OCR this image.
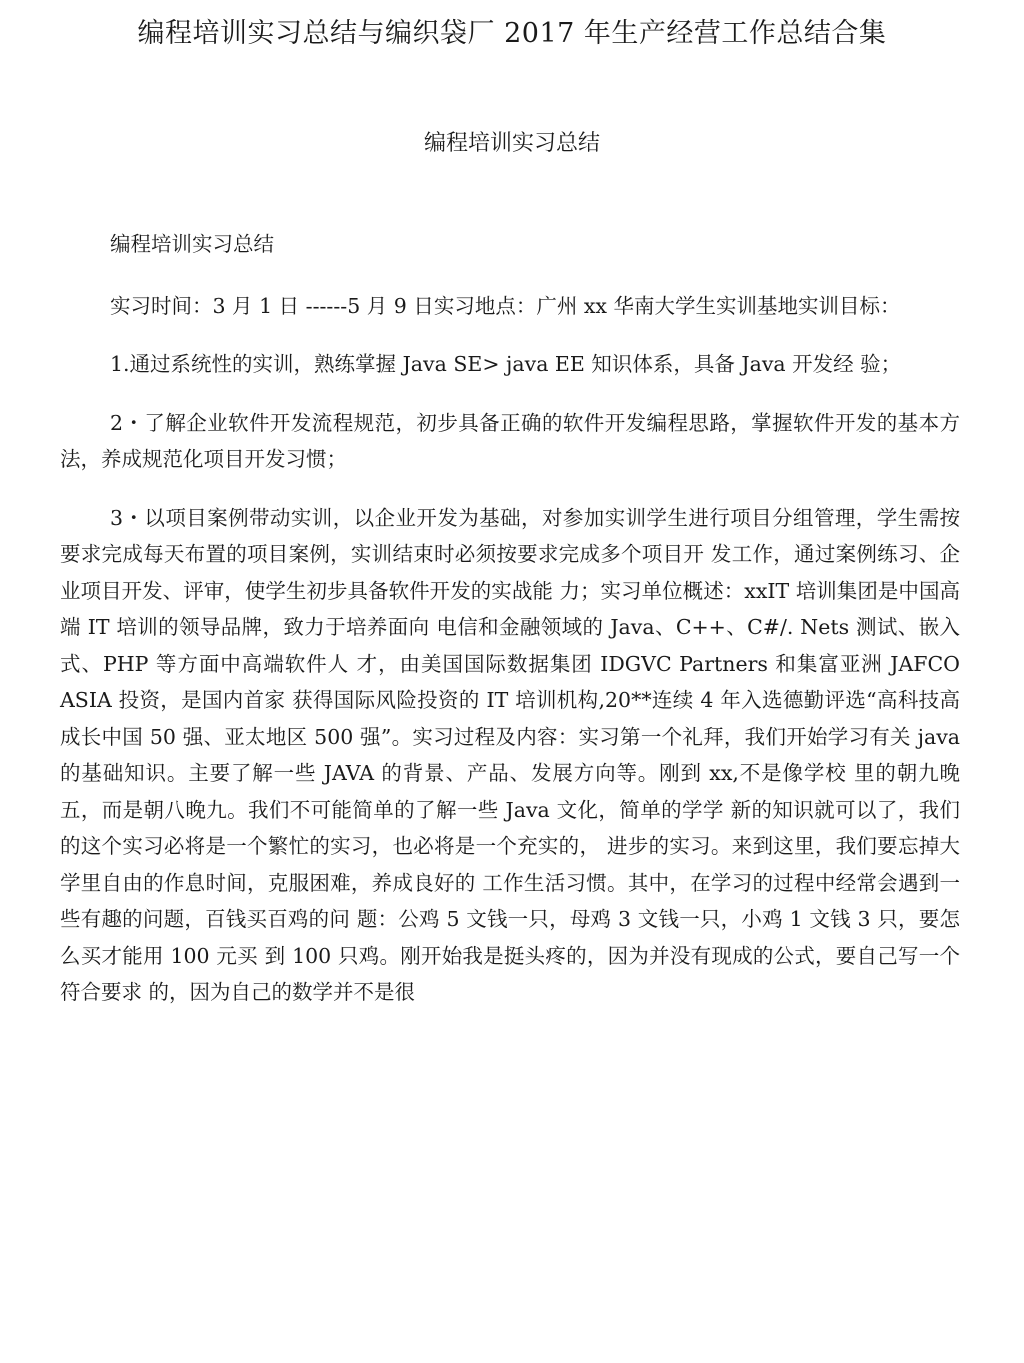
编程培训实习总结与编织袋厂 2017 年生产经营工作总结合集
编程培训实习总结

编程培训实习总结

实习时间：3 月 1 日 ------5 月 9 日实习地点：广州 xx 华南大学生实训基地实训目标：

1.通过系统性的实训，熟练掌握 Java SE> java EE 知识体系，具备 Java 开发经 验；

2・了解企业软件开发流程规范，初步具备正确的软件开发编程思路，掌握软件开发的基本方法，养成规范化项目开发习惯；

3・以项目案例带动实训，以企业开发为基础，对参加实训学生进行项目分组管理，学生需按要求完成每天布置的项目案例，实训结束时必须按要求完成多个项目开 发工作，通过案例练习、企业项目开发、评审，使学生初步具备软件开发的实战能 力；实习单位概述：xxIT 培训集团是中国高端 IT 培训的领导品牌，致力于培养面向 电信和金融领域的 Java、C++、C#/. Nets 测试、嵌入式、PHP 等方面中高端软件人 才，由美国国际数据集团 IDGVC Partners 和集富亚洲 JAFCO ASIA 投资，是国内首家 获得国际风险投资的 IT 培训机构,20**连续 4 年入选德勤评选“高科技高成长中国 50 强、亚太地区 500 强”。实习过程及内容：实习第一个礼拜，我们开始学习有关 java 的基础知识。主要了解一些 JAVA 的背景、产品、发展方向等。刚到 xx,不是像学校 里的朝九晚五，而是朝八晚九。我们不可能简单的了解一些 Java 文化，简单的学学 新的知识就可以了，我们的这个实习必将是一个繁忙的实习，也必将是一个充实的， 进步的实习。来到这里，我们要忘掉大学里自由的作息时间，克服困难，养成良好的 工作生活习惯。其中，在学习的过程中经常会遇到一些有趣的问题，百钱买百鸡的问 题：公鸡 5 文钱一只，母鸡 3 文钱一只，小鸡 1 文钱 3 只，要怎么买才能用 100 元买 到 100 只鸡。刚开始我是挺头疼的，因为并没有现成的公式，要自己写一个符合要求 的，因为自己的数学并不是很
